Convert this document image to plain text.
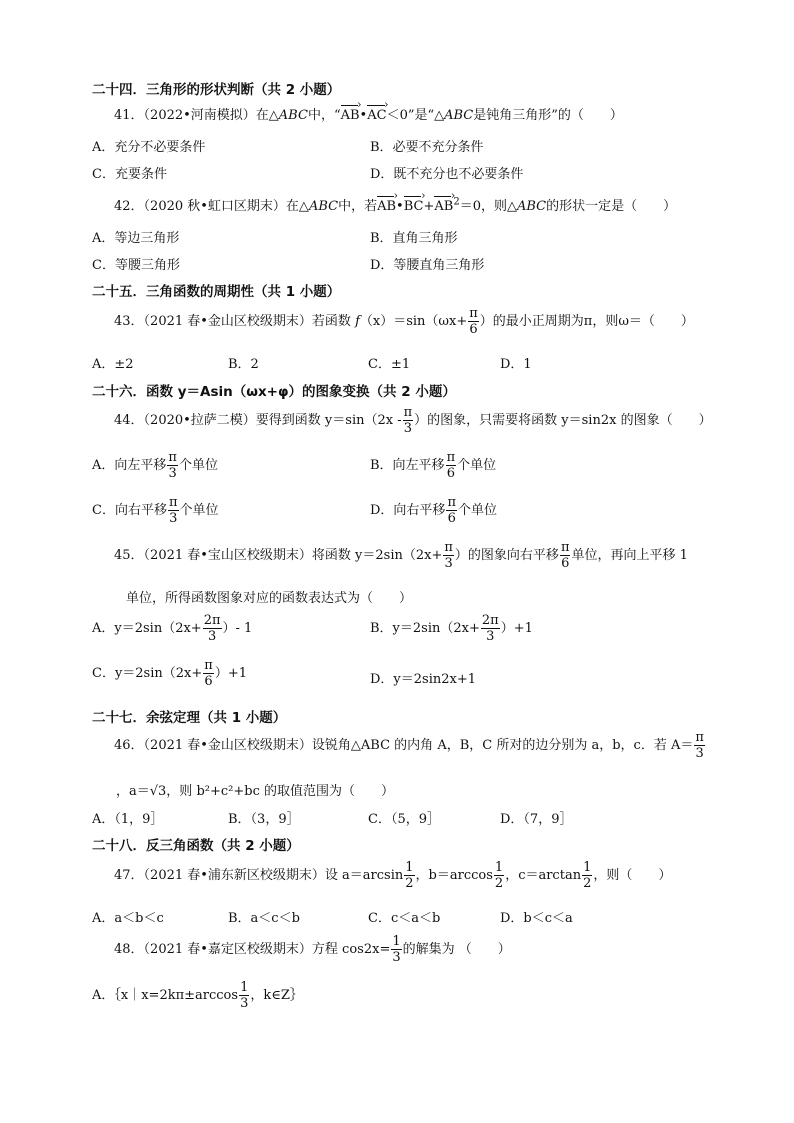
二十四．三角形的形状判断（共 2 小题）
41．（2022•河南模拟）在△ABC中，“AB ›•AC ›＜0”是“△ABC是钝角三角形”的（　　）
A．充分不必要条件	B．必要不充分条件
C．充要条件	D．既不充分也不必要条件
42．（2020 秋•虹口区期末）在△ABC中，若AB ›•BC ›+AB ›$^2$＝0，则△ABC的形状一定是（　　）
A．等边三角形	B．直角三角形
C．等腰三角形	D．等腰直角三角形
二十五．三角函数的周期性（共 1 小题）
43．（2021 春•金山区校级期末）若函数 $f(x)=\sin(\omega x+ \frac{\pi}{6}$ ）的最小正周期为π，则ω＝（　　）
A．±2	B．2	C．±1	D．1
二十六．函数 y＝Asin（ωx+φ）的图象变换（共 2 小题）
44．（2020•拉萨二模）要得到函数 $y=\sin(2x - \frac{\pi}{3}$ ）的图象，只需要将函数 y＝sin2x 的图象（　　）
A．向左平移 $\frac{\pi}{3}$ 个单位	B．向左平移 $\frac{\pi}{6}$ 个单位
C．向右平移 $\frac{\pi}{3}$ 个单位	D．向右平移 $\frac{\pi}{6}$ 个单位
45．（2021 春•宝山区校级期末）将函数 $y=2\sin(2x+ \frac{\pi}{3}$ ）的图象向右平移 $\frac{\pi}{6}$ 单位，再向上平移 1
单位，所得函数图象对应的函数表达式为（　　）
A．$y=2\sin(2x+ \frac{2\pi}{3}$ ）- 1	B．$y=2\sin(2x+ \frac{2\pi}{3} )+1$
C．$y=2\sin(2x+ \frac{\pi}{6} )+1$	D．y＝2sin2x+1
二十七．余弦定理（共 1 小题）
46．（2021 春•金山区校级期末）设锐角△ABC 的内角 A，B，C 所对的边分别为 a，b，c．若 $A= \frac{\pi}{3}$
，a＝√3，则 b²+c²+bc 的取值范围为（　　）
A．（1，9］	B．（3，9］	C．（5，9］	D．（7，9］
二十八．反三角函数（共 2 小题）
47．（2021 春•浦东新区校级期末）设 $a=\arcsin \frac{1}{2}$ ，$b=\arccos \frac{1}{2}$ ，$c=\arctan \frac{1}{2}$ ，则（　　）
A．a＜b＜c	B．a＜c＜b	C．c＜a＜b	D．b＜c＜a
48．（2021 春•嘉定区校级期末）方程 $\cos 2x= \frac{1}{3}$ 的解集为 （　　）
A．｛x｜x=2kπ±arccos $\frac{1}{3}$ ，k∈Z｝
